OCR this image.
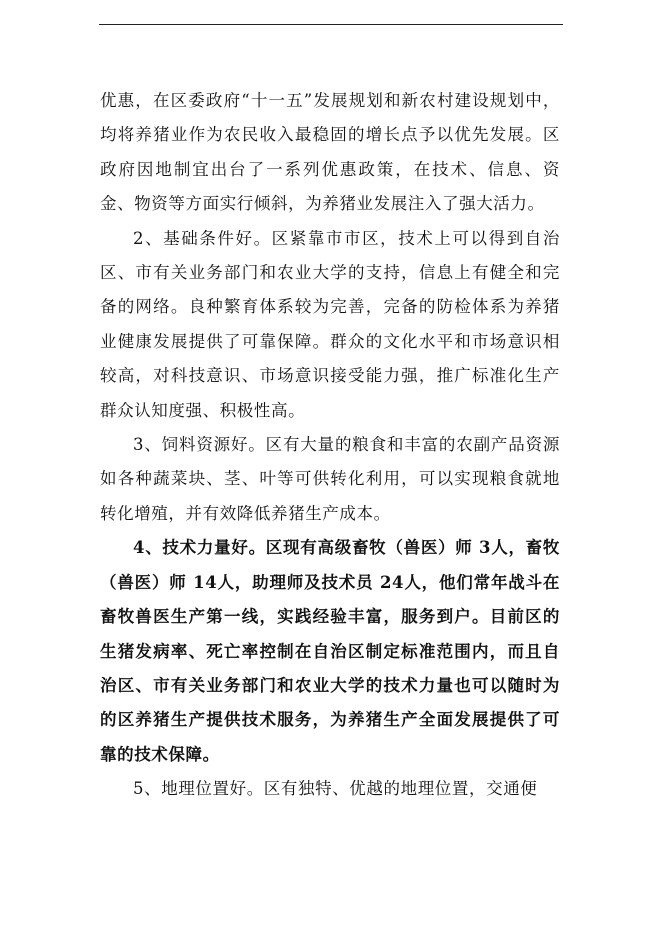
优惠，在区委政府“十一五”发展规划和新农村建设规划中，均将养猪业作为农民收入最稳固的增长点予以优先发展。区政府因地制宜出台了一系列优惠政策，在技术、信息、资金、物资等方面实行倾斜，为养猪业发展注入了强大活力。

2、基础条件好。区紧靠市市区，技术上可以得到自治区、市有关业务部门和农业大学的支持，信息上有健全和完备的网络。良种繁育体系较为完善，完备的防检体系为养猪业健康发展提供了可靠保障。群众的文化水平和市场意识相较高，对科技意识、市场意识接受能力强，推广标准化生产群众认知度强、积极性高。

3、饲料资源好。区有大量的粮食和丰富的农副产品资源如各种蔬菜块、茎、叶等可供转化利用，可以实现粮食就地转化增殖，并有效降低养猪生产成本。

4、技术力量好。区现有高级畜牧（兽医）师 3人，畜牧（兽医）师 14人，助理师及技术员 24人，他们常年战斗在畜牧兽医生产第一线，实践经验丰富，服务到户。目前区的生猪发病率、死亡率控制在自治区制定标准范围内，而且自治区、市有关业务部门和农业大学的技术力量也可以随时为的区养猪生产提供技术服务，为养猪生产全面发展提供了可靠的技术保障。

5、地理位置好。区有独特、优越的地理位置，交通便
